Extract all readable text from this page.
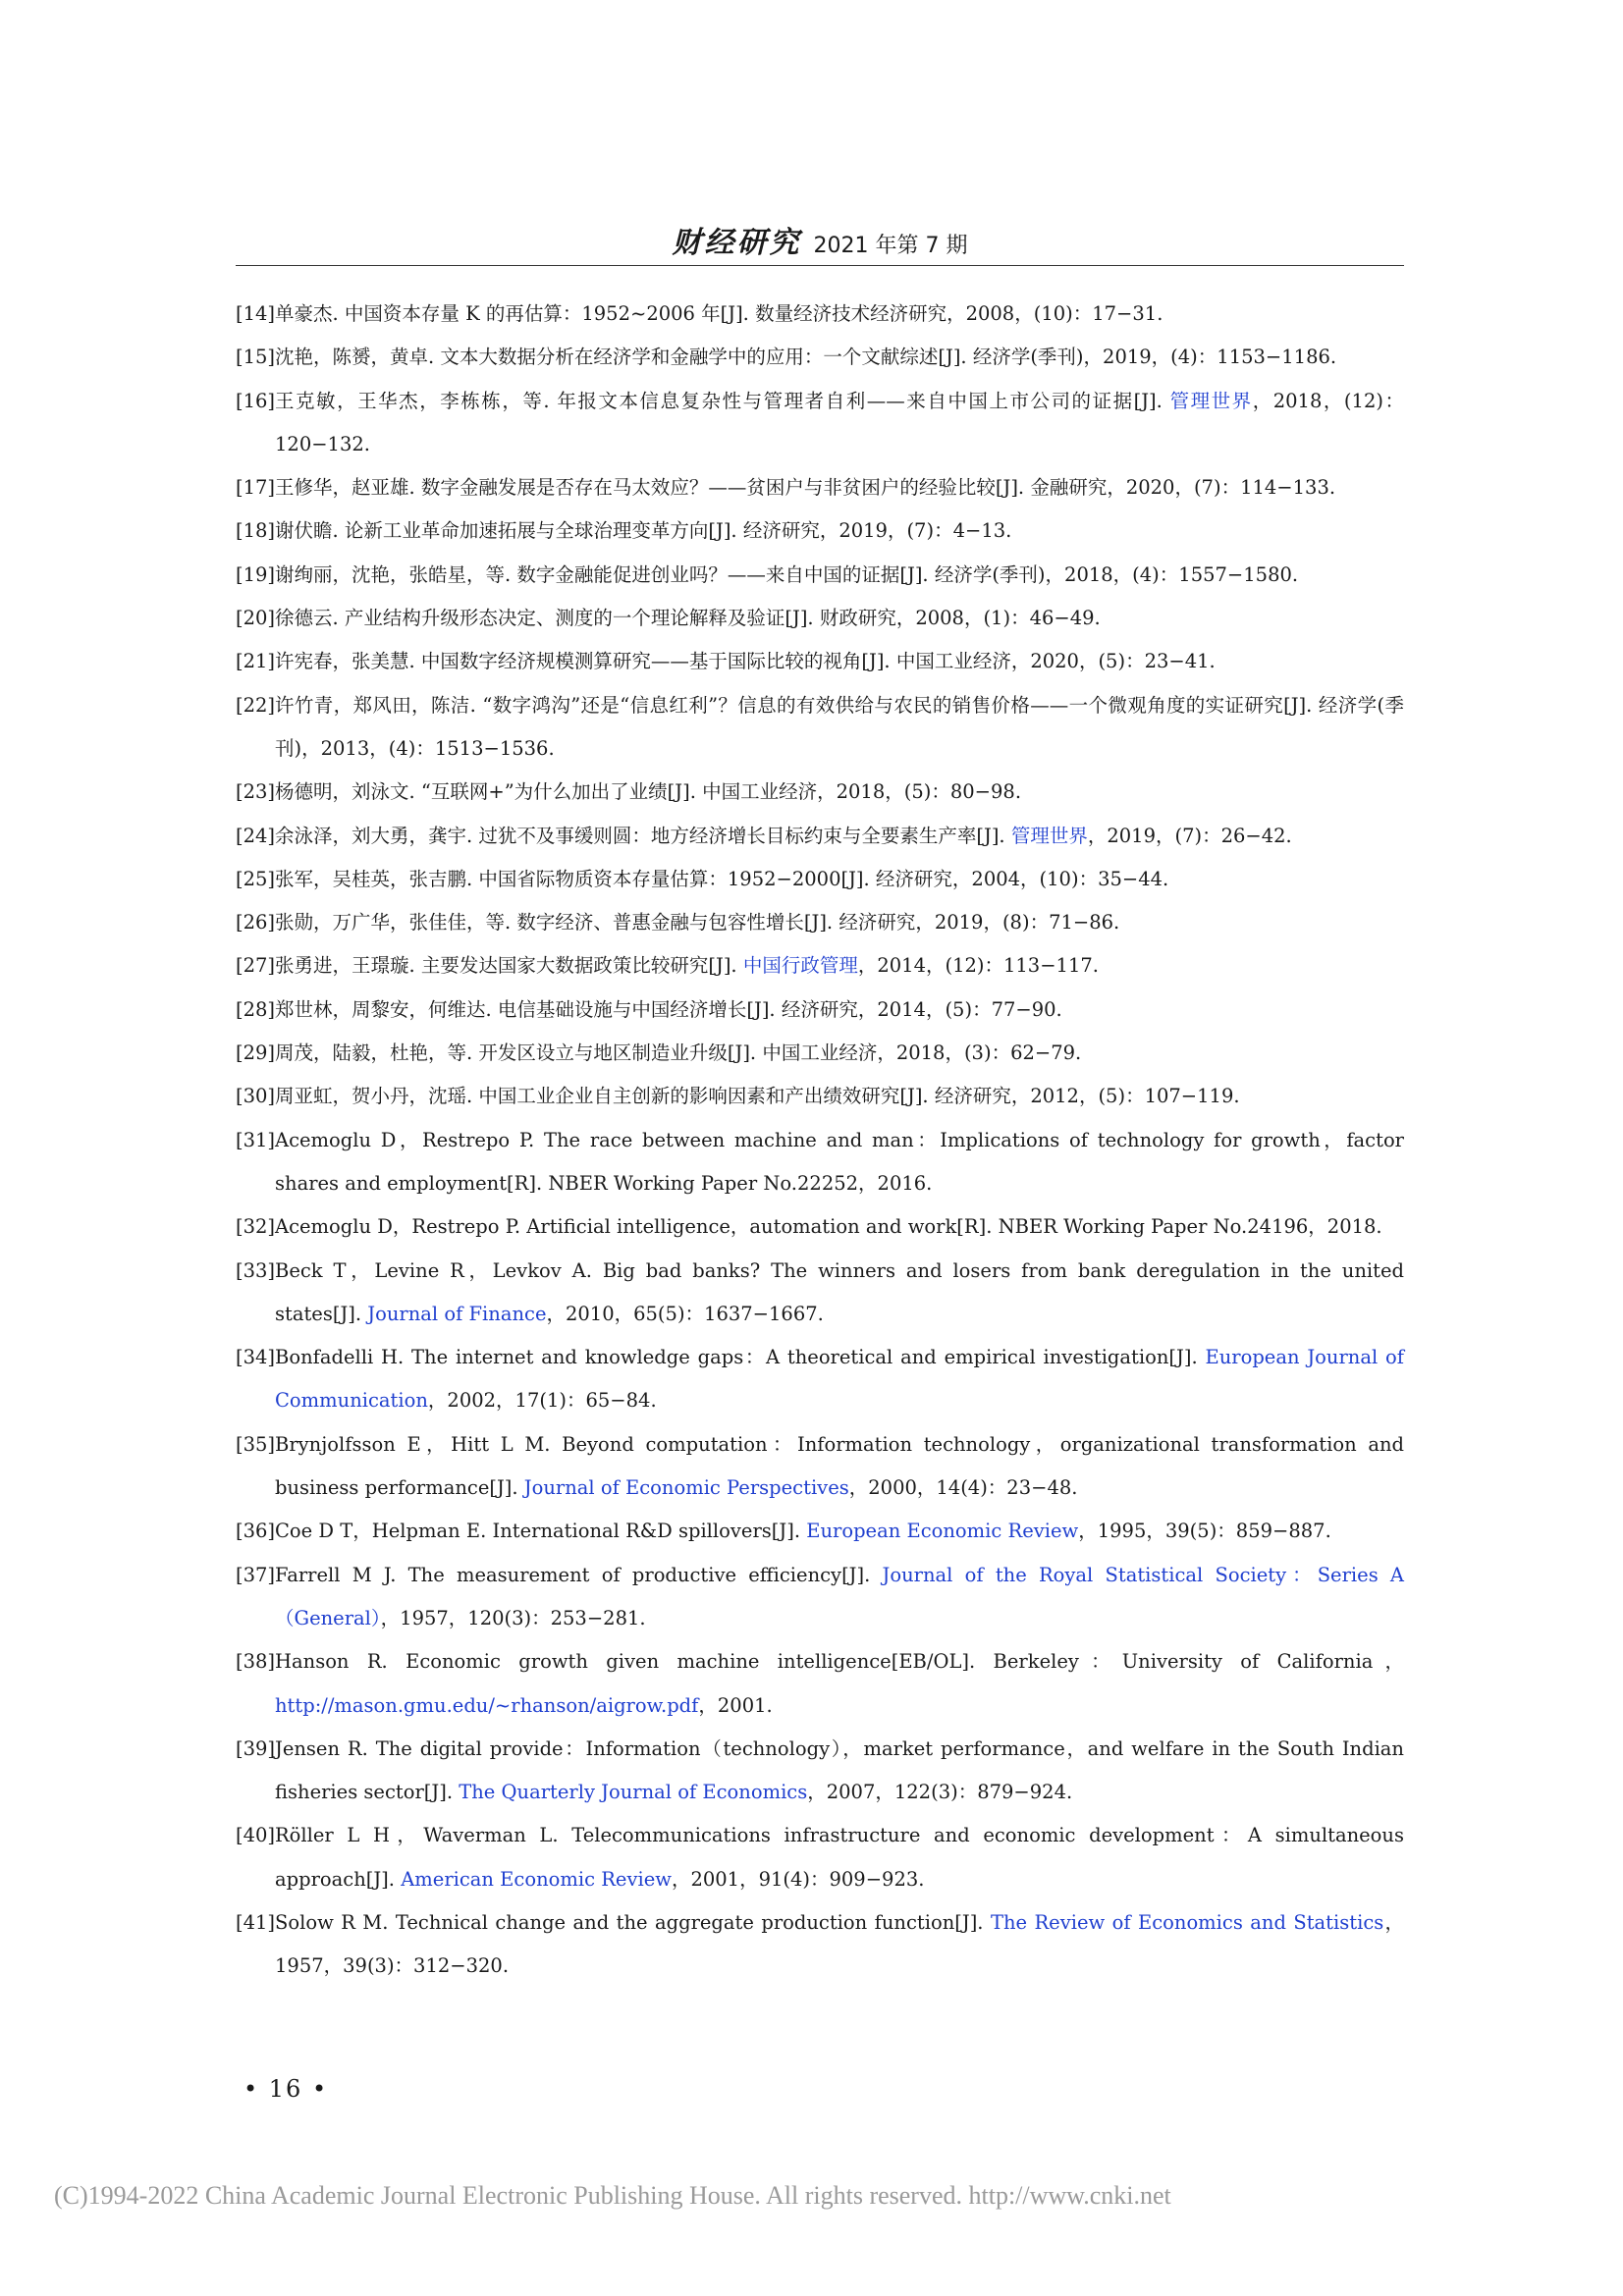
财经研究 2021 年第 7 期
[14] 单豪杰. 中国资本存量 K 的再估算：1952~2006 年[J]. 数量经济技术经济研究，2008，(10)：17−31.
[15] 沈艳，陈赟，黄卓. 文本大数据分析在经济学和金融学中的应用：一个文献综述[J]. 经济学(季刊)，2019，(4)：1153−1186.
[16] 王克敏，王华杰，李栋栋，等. 年报文本信息复杂性与管理者自利——来自中国上市公司的证据[J]. 管理世界，2018，(12)：120−132.
[17] 王修华，赵亚雄. 数字金融发展是否存在马太效应？——贫困户与非贫困户的经验比较[J]. 金融研究，2020，(7)：114−133.
[18] 谢伏瞻. 论新工业革命加速拓展与全球治理变革方向[J]. 经济研究，2019，(7)：4−13.
[19] 谢绚丽，沈艳，张皓星，等. 数字金融能促进创业吗？——来自中国的证据[J]. 经济学(季刊)，2018，(4)：1557−1580.
[20] 徐德云. 产业结构升级形态决定、测度的一个理论解释及验证[J]. 财政研究，2008，(1)：46−49.
[21] 许宪春，张美慧. 中国数字经济规模测算研究——基于国际比较的视角[J]. 中国工业经济，2020，(5)：23−41.
[22] 许竹青，郑风田，陈洁. “数字鸿沟”还是“信息红利”？信息的有效供给与农民的销售价格——一个微观角度的实证研究[J]. 经济学(季刊)，2013，(4)：1513−1536.
[23] 杨德明，刘泳文. “互联网+”为什么加出了业绩[J]. 中国工业经济，2018，(5)：80−98.
[24] 余泳泽，刘大勇，龚宇. 过犹不及事缓则圆：地方经济增长目标约束与全要素生产率[J]. 管理世界，2019，(7)：26−42.
[25] 张军，吴桂英，张吉鹏. 中国省际物质资本存量估算：1952−2000[J]. 经济研究，2004，(10)：35−44.
[26] 张勋，万广华，张佳佳，等. 数字经济、普惠金融与包容性增长[J]. 经济研究，2019，(8)：71−86.
[27] 张勇进，王璟璇. 主要发达国家大数据政策比较研究[J]. 中国行政管理，2014，(12)：113−117.
[28] 郑世林，周黎安，何维达. 电信基础设施与中国经济增长[J]. 经济研究，2014，(5)：77−90.
[29] 周茂，陆毅，杜艳，等. 开发区设立与地区制造业升级[J]. 中国工业经济，2018，(3)：62−79.
[30] 周亚虹，贺小丹，沈瑶. 中国工业企业自主创新的影响因素和产出绩效研究[J]. 经济研究，2012，(5)：107−119.
[31] Acemoglu D，Restrepo P. The race between machine and man：Implications of technology for growth，factor shares and employment[R]. NBER Working Paper No.22252，2016.
[32] Acemoglu D，Restrepo P. Artificial intelligence，automation and work[R]. NBER Working Paper No.24196，2018.
[33] Beck T，Levine R，Levkov A. Big bad banks? The winners and losers from bank deregulation in the united states[J]. Journal of Finance，2010，65(5)：1637−1667.
[34] Bonfadelli H. The internet and knowledge gaps：A theoretical and empirical investigation[J]. European Journal of Communication，2002，17(1)：65−84.
[35] Brynjolfsson E，Hitt L M. Beyond computation：Information technology，organizational transformation and business performance[J]. Journal of Economic Perspectives，2000，14(4)：23−48.
[36] Coe D T，Helpman E. International R&D spillovers[J]. European Economic Review，1995，39(5)：859−887.
[37] Farrell M J. The measurement of productive efficiency[J]. Journal of the Royal Statistical Society：Series A（General），1957，120(3)：253−281.
[38] Hanson R. Economic growth given machine intelligence[EB/OL]. Berkeley：University of California，http://mason.gmu.edu/~rhanson/aigrow.pdf，2001.
[39] Jensen R. The digital provide：Information（technology），market performance，and welfare in the South Indian fisheries sector[J]. The Quarterly Journal of Economics，2007，122(3)：879−924.
[40] Röller L H，Waverman L. Telecommunications infrastructure and economic development：A simultaneous approach[J]. American Economic Review，2001，91(4)：909−923.
[41] Solow R M. Technical change and the aggregate production function[J]. The Review of Economics and Statistics，1957，39(3)：312−320.
• 16 •
(C)1994-2022 China Academic Journal Electronic Publishing House. All rights reserved. http://www.cnki.net
